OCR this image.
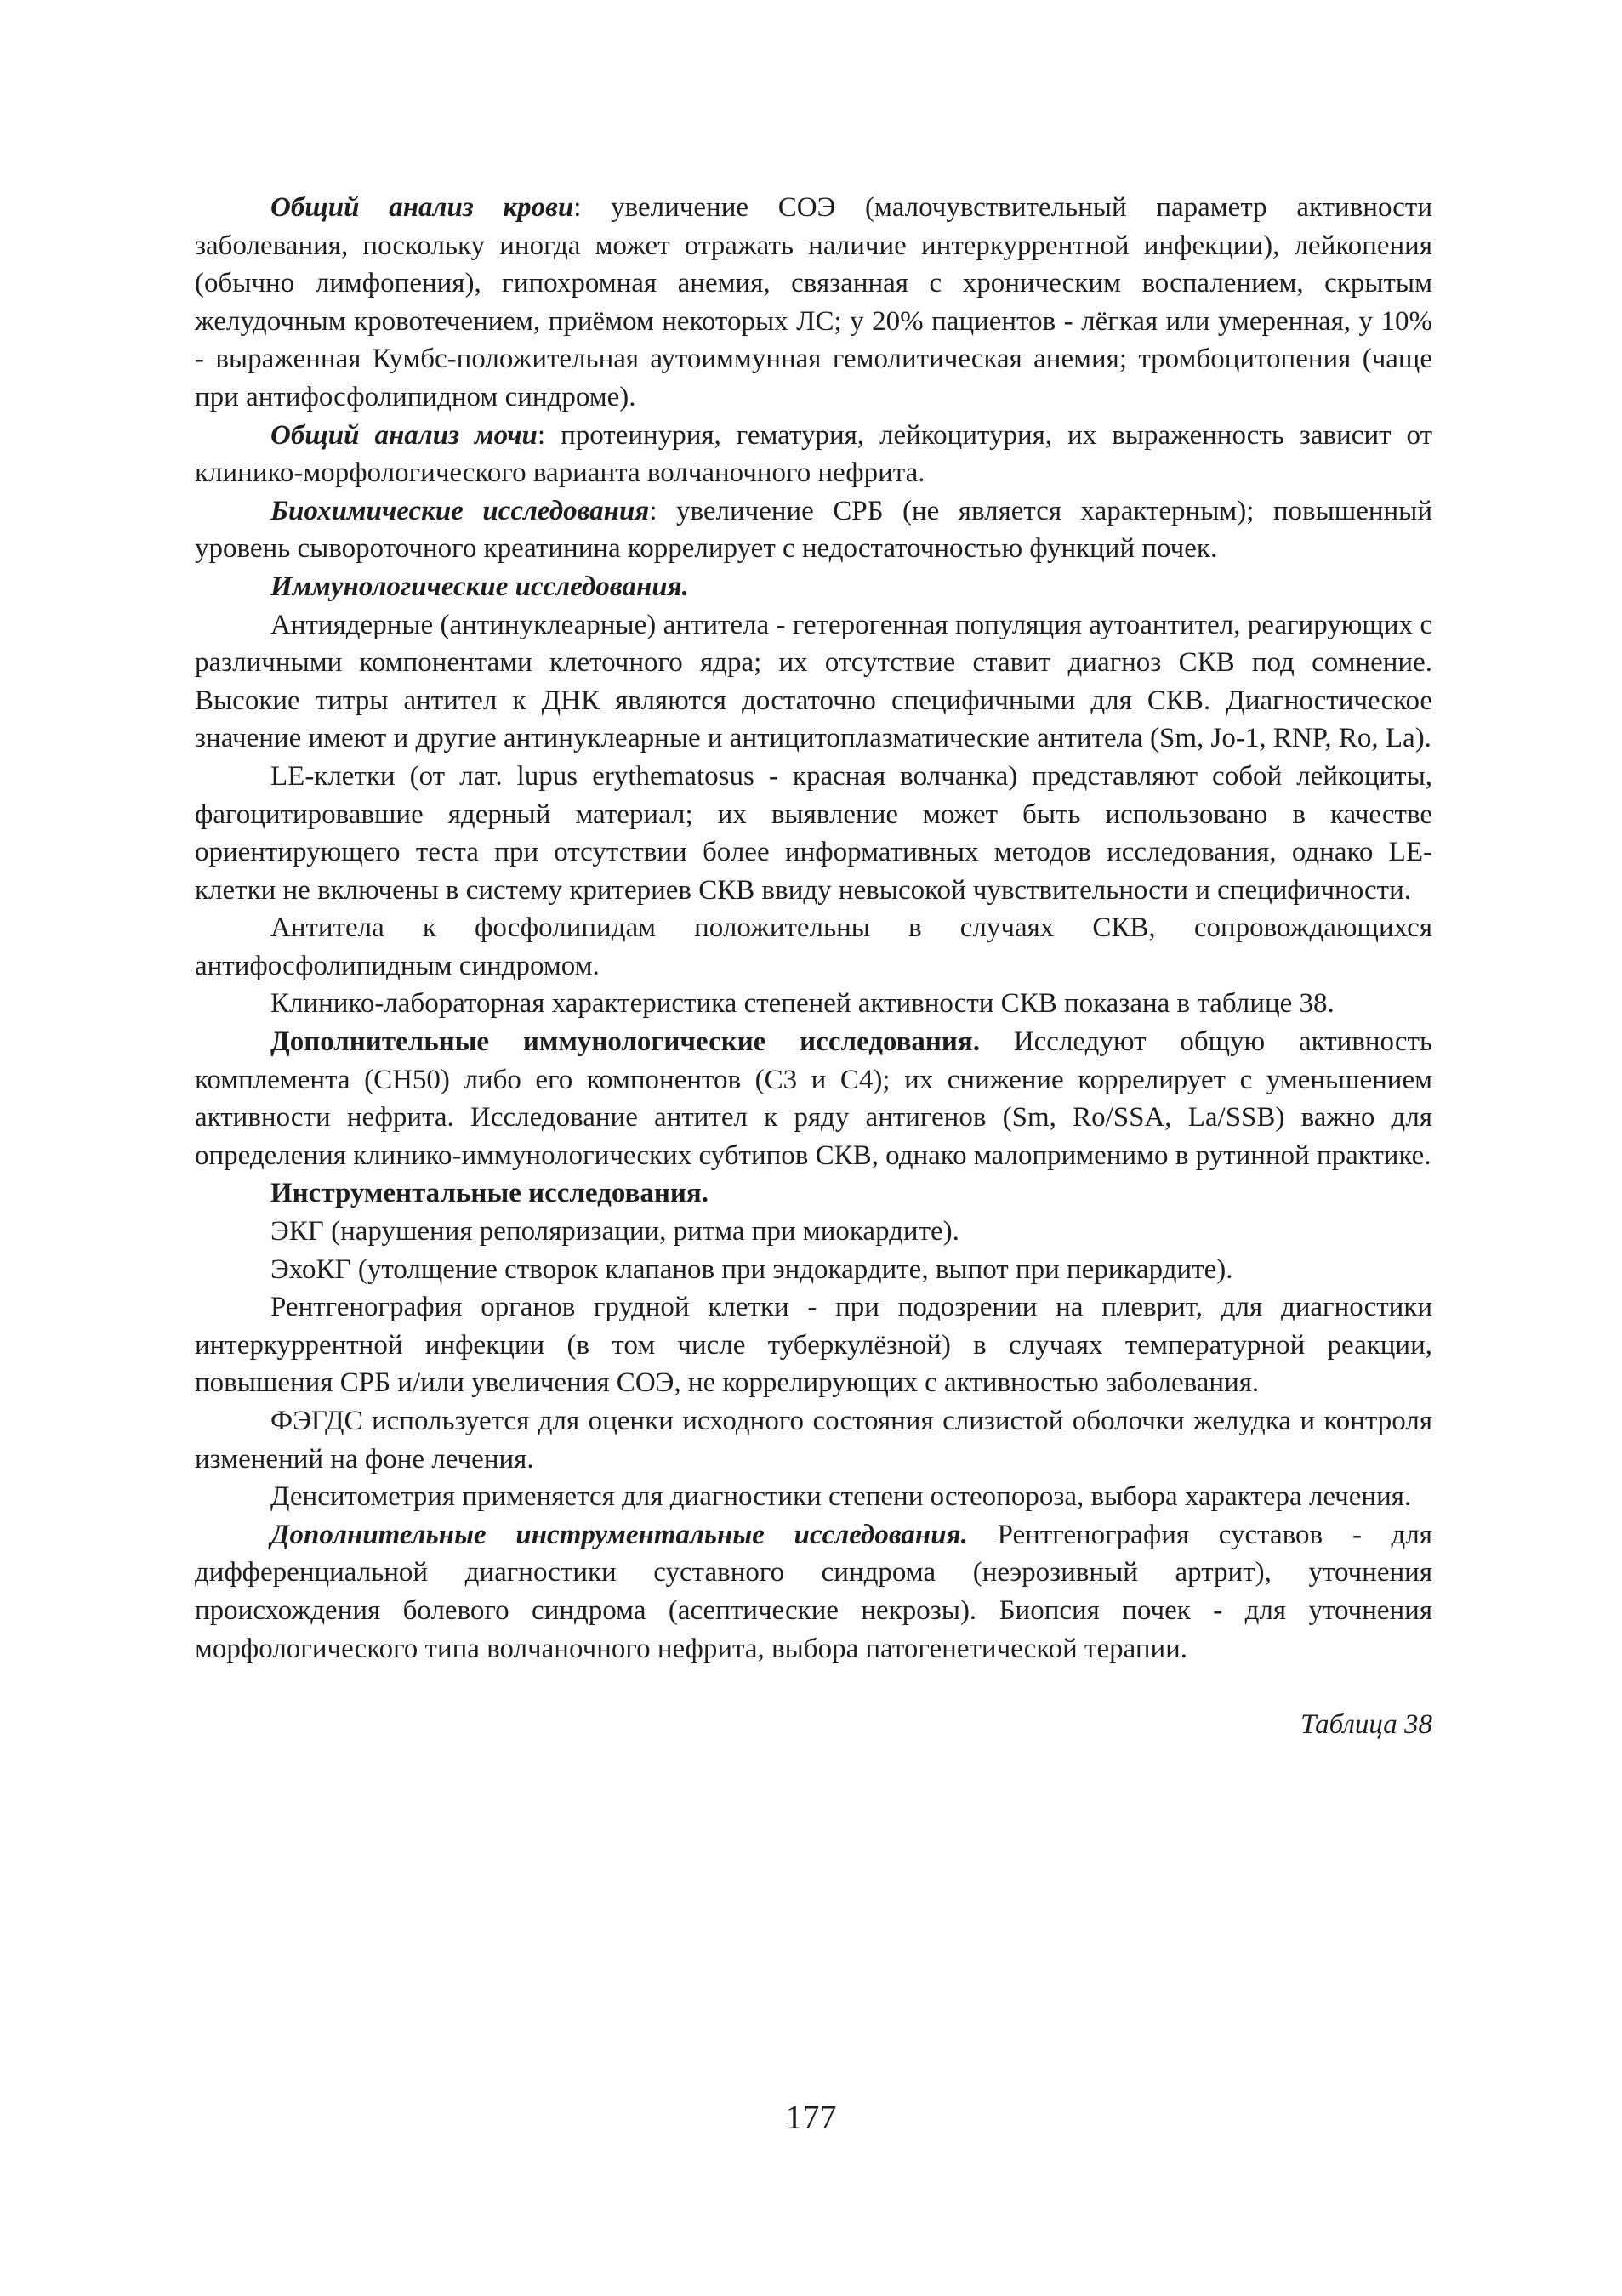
Общий анализ крови: увеличение СОЭ (малочувствительный параметр активности заболевания, поскольку иногда может отражать наличие интеркуррентной инфекции), лейкопения (обычно лимфопения), гипохромная анемия, связанная с хроническим воспалением, скрытым желудочным кровотечением, приёмом некоторых ЛС; у 20% пациентов - лёгкая или умеренная, у 10% - выраженная Кумбс-положительная аутоиммунная гемолитическая анемия; тромбоцитопения (чаще при антифосфолипидном синдроме).

Общий анализ мочи: протеинурия, гематурия, лейкоцитурия, их выраженность зависит от клинико-морфологического варианта волчаночного нефрита.

Биохимические исследования: увеличение СРБ (не является характерным); повышенный уровень сывороточного креатинина коррелирует с недостаточностью функций почек.

Иммунологические исследования.

Антиядерные (антинуклеарные) антитела - гетерогенная популяция аутоантител, реагирующих с различными компонентами клеточного ядра; их отсутствие ставит диагноз СКВ под сомнение. Высокие титры антител к ДНК являются достаточно специфичными для СКВ. Диагностическое значение имеют и другие антинуклеарные и антицитоплазматические антитела (Sm, Jo-1, RNP, Ro, La).

LE-клетки (от лат. lupus erythematosus - красная волчанка) представляют собой лейкоциты, фагоцитировавшие ядерный материал; их выявление может быть использовано в качестве ориентирующего теста при отсутствии более информативных методов исследования, однако LE-клетки не включены в систему критериев СКВ ввиду невысокой чувствительности и специфичности.

Антитела к фосфолипидам положительны в случаях СКВ, сопровождающихся антифосфолипидным синдромом.

Клинико-лабораторная характеристика степеней активности СКВ показана в таблице 38.

Дополнительные иммунологические исследования. Исследуют общую активность комплемента (СН50) либо его компонентов (С3 и С4); их снижение коррелирует с уменьшением активности нефрита. Исследование антител к ряду антигенов (Sm, Ro/SSA, La/SSB) важно для определения клинико-иммунологических субтипов СКВ, однако малоприменимо в рутинной практике.

Инструментальные исследования.

ЭКГ (нарушения реполяризации, ритма при миокардите).

ЭхоКГ (утолщение створок клапанов при эндокардите, выпот при перикардите).

Рентгенография органов грудной клетки - при подозрении на плеврит, для диагностики интеркуррентной инфекции (в том числе туберкулёзной) в случаях температурной реакции, повышения СРБ и/или увеличения СОЭ, не коррелирующих с активностью заболевания.

ФЭГДС используется для оценки исходного состояния слизистой оболочки желудка и контроля изменений на фоне лечения.

Денситометрия применяется для диагностики степени остеопороза, выбора характера лечения.

Дополнительные инструментальные исследования. Рентгенография суставов - для дифференциальной диагностики суставного синдрома (неэрозивный артрит), уточнения происхождения болевого синдрома (асептические некрозы). Биопсия почек - для уточнения морфологического типа волчаночного нефрита, выбора патогенетической терапии.

Таблица 38
177
